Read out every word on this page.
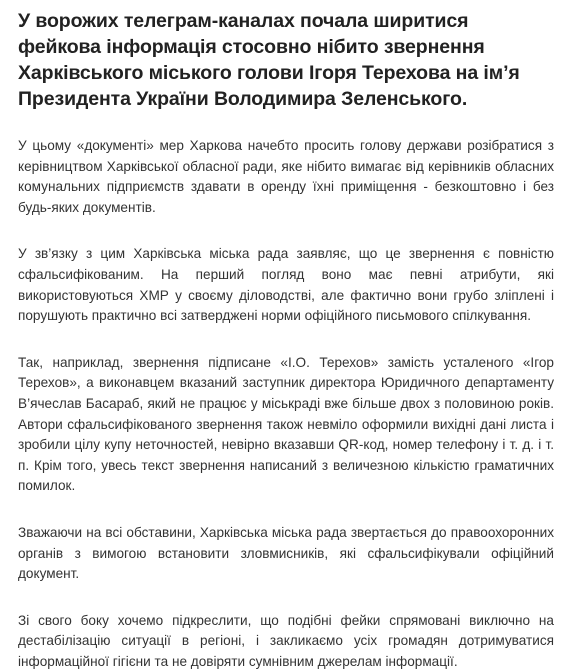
У ворожих телеграм-каналах почала ширитися фейкова інформація стосовно нібито звернення Харківського міського голови Ігоря Терехова на ім’я Президента України Володимира Зеленського.

У цьому «документі» мер Харкова начебто просить голову держави розібратися з керівництвом Харківської обласної ради, яке нібито вимагає від керівників обласних комунальних підприємств здавати в оренду їхні приміщення - безкоштовно і без будь-яких документів.

У зв’язку з цим Харківська міська рада заявляє, що це звернення є повністю сфальсифікованим. На перший погляд воно має певні атрибути, які використовуються ХМР у своєму діловодстві, але фактично вони грубо зліплені і порушують практично всі затверджені норми офіційного письмового спілкування.

Так, наприклад, звернення підписане «І.О. Терехов» замість усталеного «Ігор Терехов», а виконавцем вказаний заступник директора Юридичного департаменту В’ячеслав Басараб, який не працює у міськраді вже більше двох з половиною років. Автори сфальсифікованого звернення також невміло оформили вихідні дані листа і зробили цілу купу неточностей, невірно вказавши QR-код, номер телефону і т. д. і т. п. Крім того, увесь текст звернення написаний з величезною кількістю граматичних помилок.

Зважаючи на всі обставини, Харківська міська рада звертається до правоохоронних органів з вимогою встановити зловмисників, які сфальсифікували офіційний документ.

Зі свого боку хочемо підкреслити, що подібні фейки спрямовані виключно на дестабілізацію ситуації в регіоні, і закликаємо усіх громадян дотримуватися інформаційної гігієни та не довіряти сумнівним джерелам інформації.
